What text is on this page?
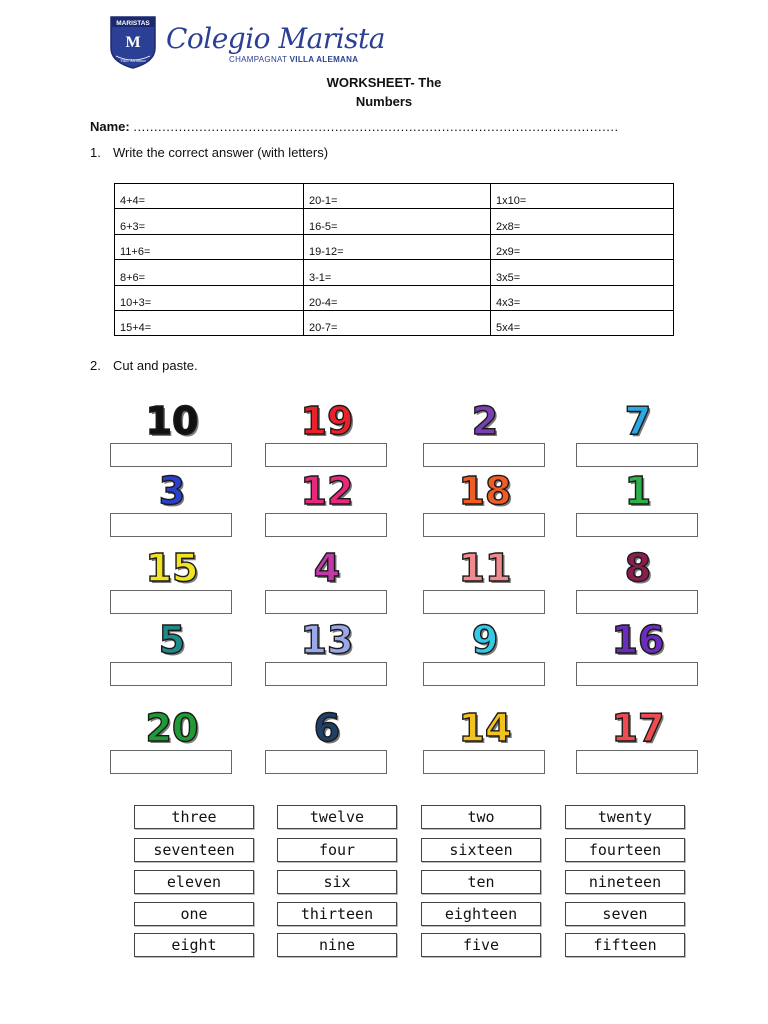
MARISTAS
M
Villa Alemana
Colegio Marista
CHAMPAGNAT VILLA ALEMANA
WORKSHEET- The
Numbers
Name: ......................................................................................................................
1. Write the correct answer (with letters)
4+4=	20-1=	1x10=
6+3=	16-5=	2x8=
11+6=	19-12=	2x9=
8+6=	3-1=	3x5=
10+3=	20-4=	4x3=
15+4=	20-7=	5x4=
2. Cut and paste.
10	19	2	7
3	12	18	1
15	4	11	8
5	13	9	16
20	6	14	17
three	twelve	two	twenty
seventeen	four	sixteen	fourteen
eleven	six	ten	nineteen
one	thirteen	eighteen	seven
eight	nine	five	fifteen
